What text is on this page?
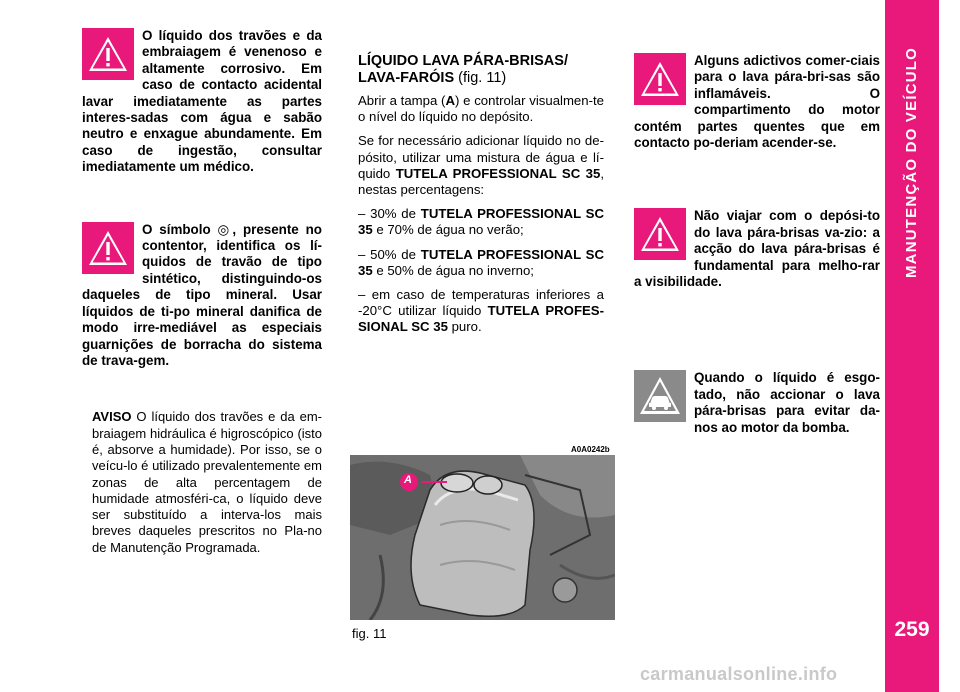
MANUTENÇÃO DO VEÍCULO
259
O líquido dos travões e da embraiagem é venenoso e altamente corrosivo. Em caso de contacto acidental lavar imediatamente as partes interes-sadas com água e sabão neutro e enxague abundamente. Em caso de ingestão, consultar imediatamente um médico.
O símbolo ◎, presente no contentor, identifica os lí-quidos de travão de tipo sintético, distinguindo-os daqueles de tipo mineral. Usar líquidos de ti-po mineral danifica de modo irre-mediável as especiais guarnições de borracha do sistema de trava-gem.
AVISO O líquido dos travões e da em-braiagem hidráulica é higroscópico (isto é, absorve a humidade). Por isso, se o veícu-lo é utilizado prevalentemente em zonas de alta percentagem de humidade atmosféri-ca, o líquido deve ser substituído a interva-los mais breves daqueles prescritos no Pla-no de Manutenção Programada.
LÍQUIDO LAVA PÁRA-BRISAS/ LAVA-FARÓIS (fig. 11)
Abrir a tampa (A) e controlar visualmen-te o nível do líquido no depósito.
Se for necessário adicionar líquido no de-pósito, utilizar uma mistura de água e lí-quido TUTELA PROFESSIONAL SC 35, nestas percentagens:
– 30% de TUTELA PROFESSIONAL SC 35 e 70% de água no verão;
– 50% de TUTELA PROFESSIONAL SC 35 e 50% de água no inverno;
– em caso de temperaturas inferiores a -20°C utilizar líquido TUTELA PROFES-SIONAL SC 35 puro.
A0A0242b
A
fig. 11
Alguns adictivos comer-ciais para o lava pára-bri-sas são inflamáveis. O compartimento do motor contém partes quentes que em contacto po-deriam acender-se.
Não viajar com o depósi-to do lava pára-brisas va-zio: a acção do lava pára-brisas é fundamental para melho-rar a visibilidade.
Quando o líquido é esgo-tado, não accionar o lava pára-brisas para evitar da-nos ao motor da bomba.
carmanualsonline.info
